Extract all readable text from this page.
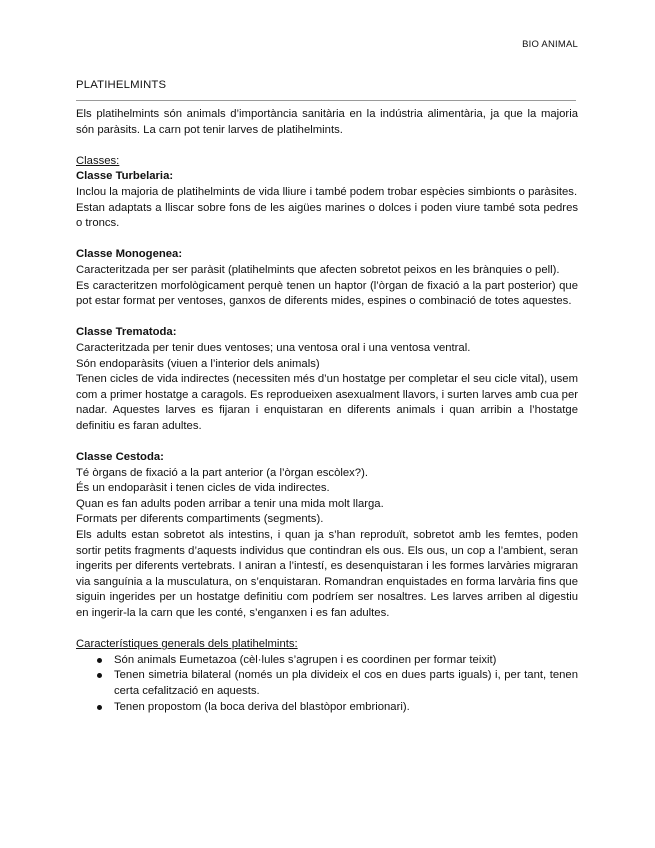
BIO ANIMAL
PLATIHELMINTS

Els platihelmints són animals d’importància sanitària en la indústria alimentària, ja que la majoria són paràsits. La carn pot tenir larves de platihelmints.

Classes:

Classe Turbelaria:

Inclou la majoria de platihelmints de vida lliure i també podem trobar espècies simbionts o paràsites.

Estan adaptats a lliscar sobre fons de les aigües marines o dolces i poden viure també sota pedres o troncs.

Classe Monogenea:

Caracteritzada per ser paràsit (platihelmints que afecten sobretot peixos en les brànquies o pell).

Es caracteritzen morfològicament perquè tenen un haptor (l’òrgan de fixació a la part posterior) que pot estar format per ventoses, ganxos de diferents mides, espines o combinació de totes aquestes.

Classe Trematoda:

Caracteritzada per tenir dues ventoses; una ventosa oral i una ventosa ventral.

Són endoparàsits (viuen a l’interior dels animals)

Tenen cicles de vida indirectes (necessiten més d’un hostatge per completar el seu cicle vital), usem com a primer hostatge a caragols. Es reprodueixen asexualment llavors, i surten larves amb cua per nadar. Aquestes larves es fijaran i enquistaran en diferents animals i quan arribin a l’hostatge definitiu es faran adultes.

Classe Cestoda:

Té òrgans de fixació a la part anterior (a l’òrgan escòlex?).

És un endoparàsit i tenen cicles de vida indirectes.

Quan es fan adults poden arribar a tenir una mida molt llarga.

Formats per diferents compartiments (segments).

Els adults estan sobretot als intestins, i quan ja s’han reproduït, sobretot amb les femtes, poden sortir petits fragments d’aquests individus que contindran els ous. Els ous, un cop a l’ambient, seran ingerits per diferents vertebrats. I aniran a l’intestí, es desenquistaran i les formes larvàries migraran via sanguínia a la musculatura, on s’enquistaran. Romandran enquistades en forma larvària fins que siguin ingerides per un hostatge definitiu com podríem ser nosaltres. Les larves arriben al digestiu en ingerir-la la carn que les conté, s’enganxen i es fan adultes.

Característiques generals dels platihelmints:

Són animals Eumetazoa (cèl·lules s’agrupen i es coordinen per formar teixit)
Tenen simetria bilateral (només un pla divideix el cos en dues parts iguals) i, per tant, tenen certa cefalització en aquests.
Tenen propostom (la boca deriva del blastòpor embrionari).
